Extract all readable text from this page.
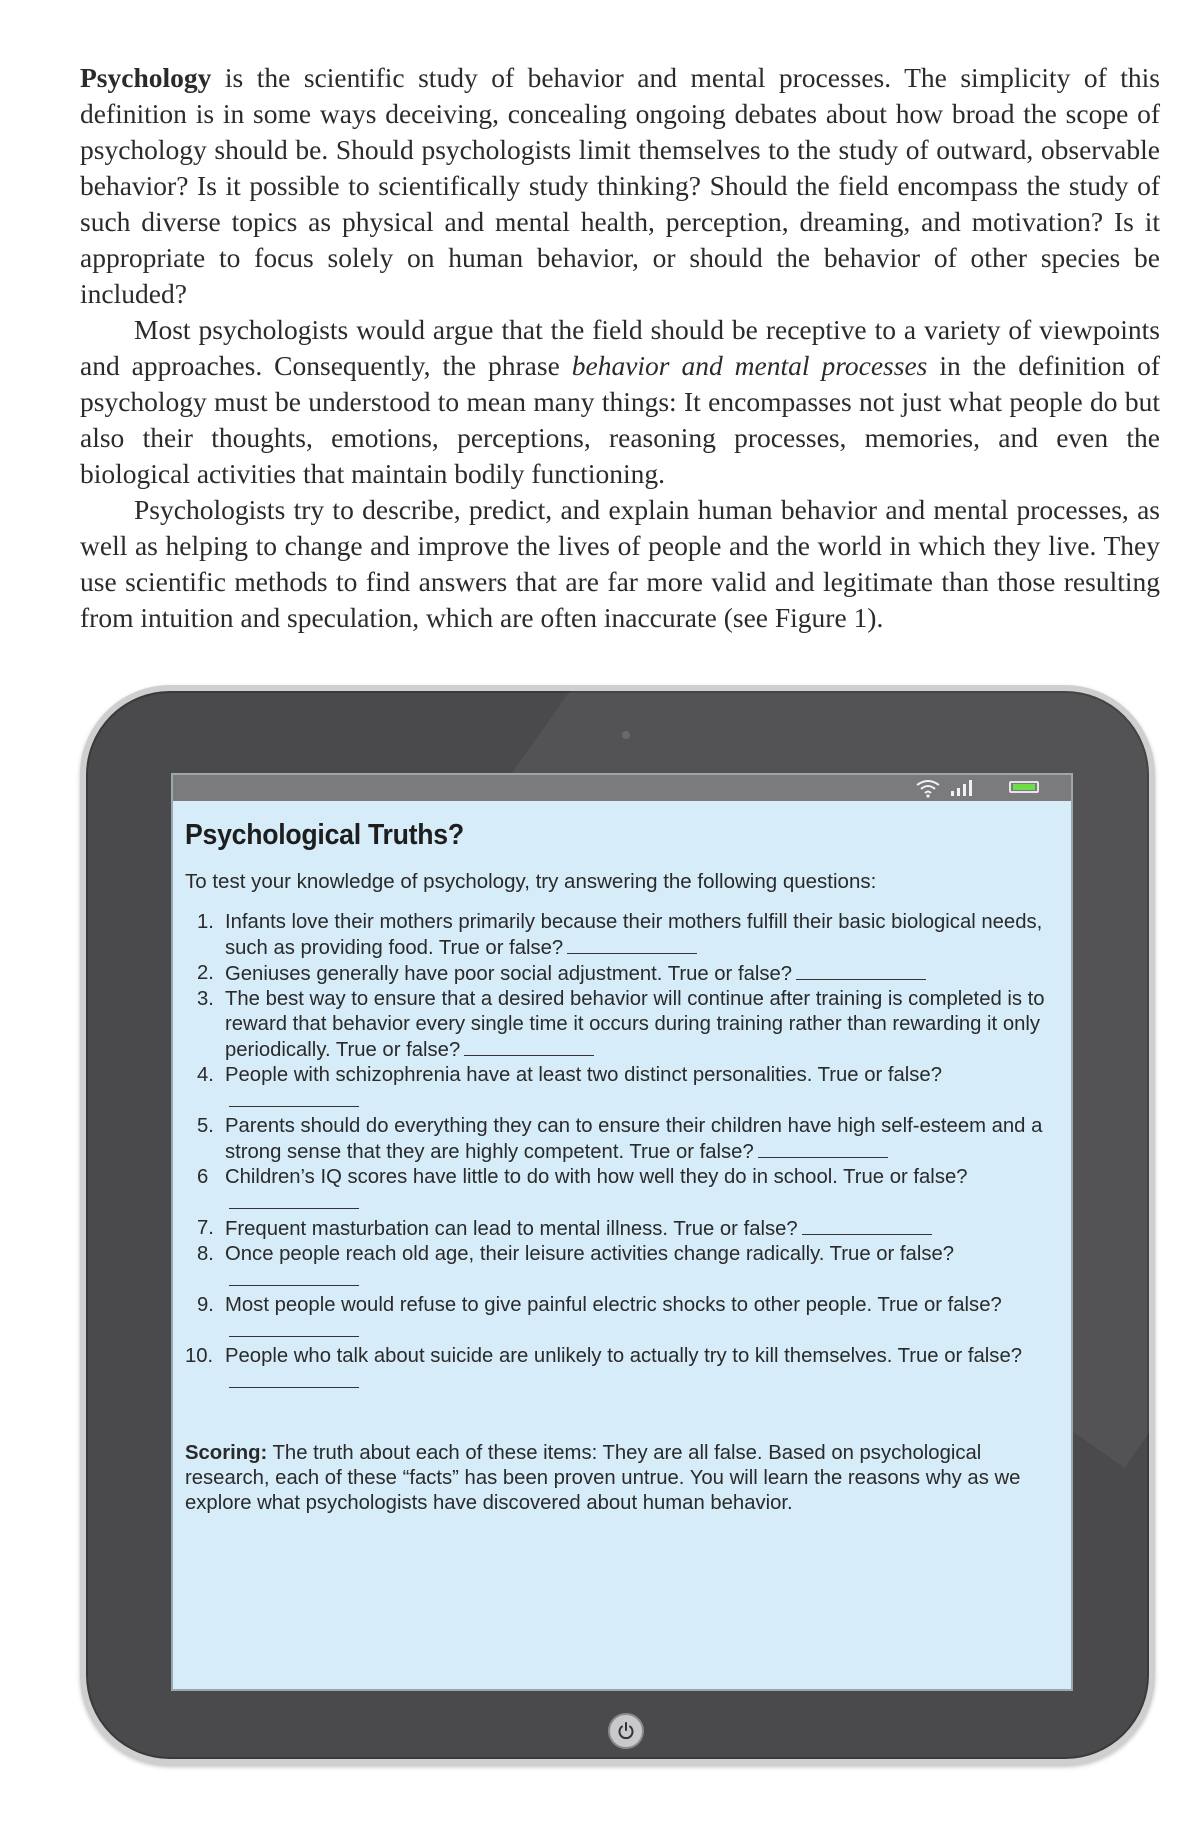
Psychology is the scientific study of behavior and mental processes. The simplicity of this definition is in some ways deceiving, concealing ongoing debates about how broad the scope of psychology should be. Should psychologists limit themselves to the study of outward, observable behavior? Is it possible to scientifically study thinking? Should the field encompass the study of such diverse topics as physical and mental health, perception, dreaming, and motivation? Is it appropriate to focus solely on human behavior, or should the behavior of other species be included?

Most psychologists would argue that the field should be receptive to a variety of viewpoints and approaches. Consequently, the phrase behavior and mental processes in the definition of psychology must be understood to mean many things: It encompasses not just what people do but also their thoughts, emotions, perceptions, reasoning processes, memories, and even the biological activities that maintain bodily functioning.

Psychologists try to describe, predict, and explain human behavior and mental processes, as well as helping to change and improve the lives of people and the world in which they live. They use scientific methods to find answers that are far more valid and legitimate than those resulting from intuition and speculation, which are often inaccurate (see Figure 1).

Psychological Truths?

To test your knowledge of psychology, try answering the following questions:

1. Infants love their mothers primarily because their mothers fulfill their basic biological needs, such as providing food. True or false?
2. Geniuses generally have poor social adjustment. True or false?
3. The best way to ensure that a desired behavior will continue after training is completed is to reward that behavior every single time it occurs during training rather than rewarding it only periodically. True or false?
4. People with schizophrenia have at least two distinct personalities. True or false?
5. Parents should do everything they can to ensure their children have high self-esteem and a strong sense that they are highly competent. True or false?
6 Children’s IQ scores have little to do with how well they do in school. True or false?
7. Frequent masturbation can lead to mental illness. True or false?
8. Once people reach old age, their leisure activities change radically. True or false?
9. Most people would refuse to give painful electric shocks to other people. True or false?
10. People who talk about suicide are unlikely to actually try to kill themselves. True or false?

Scoring: The truth about each of these items: They are all false. Based on psychological research, each of these “facts” has been proven untrue. You will learn the reasons why as we explore what psychologists have discovered about human behavior.
